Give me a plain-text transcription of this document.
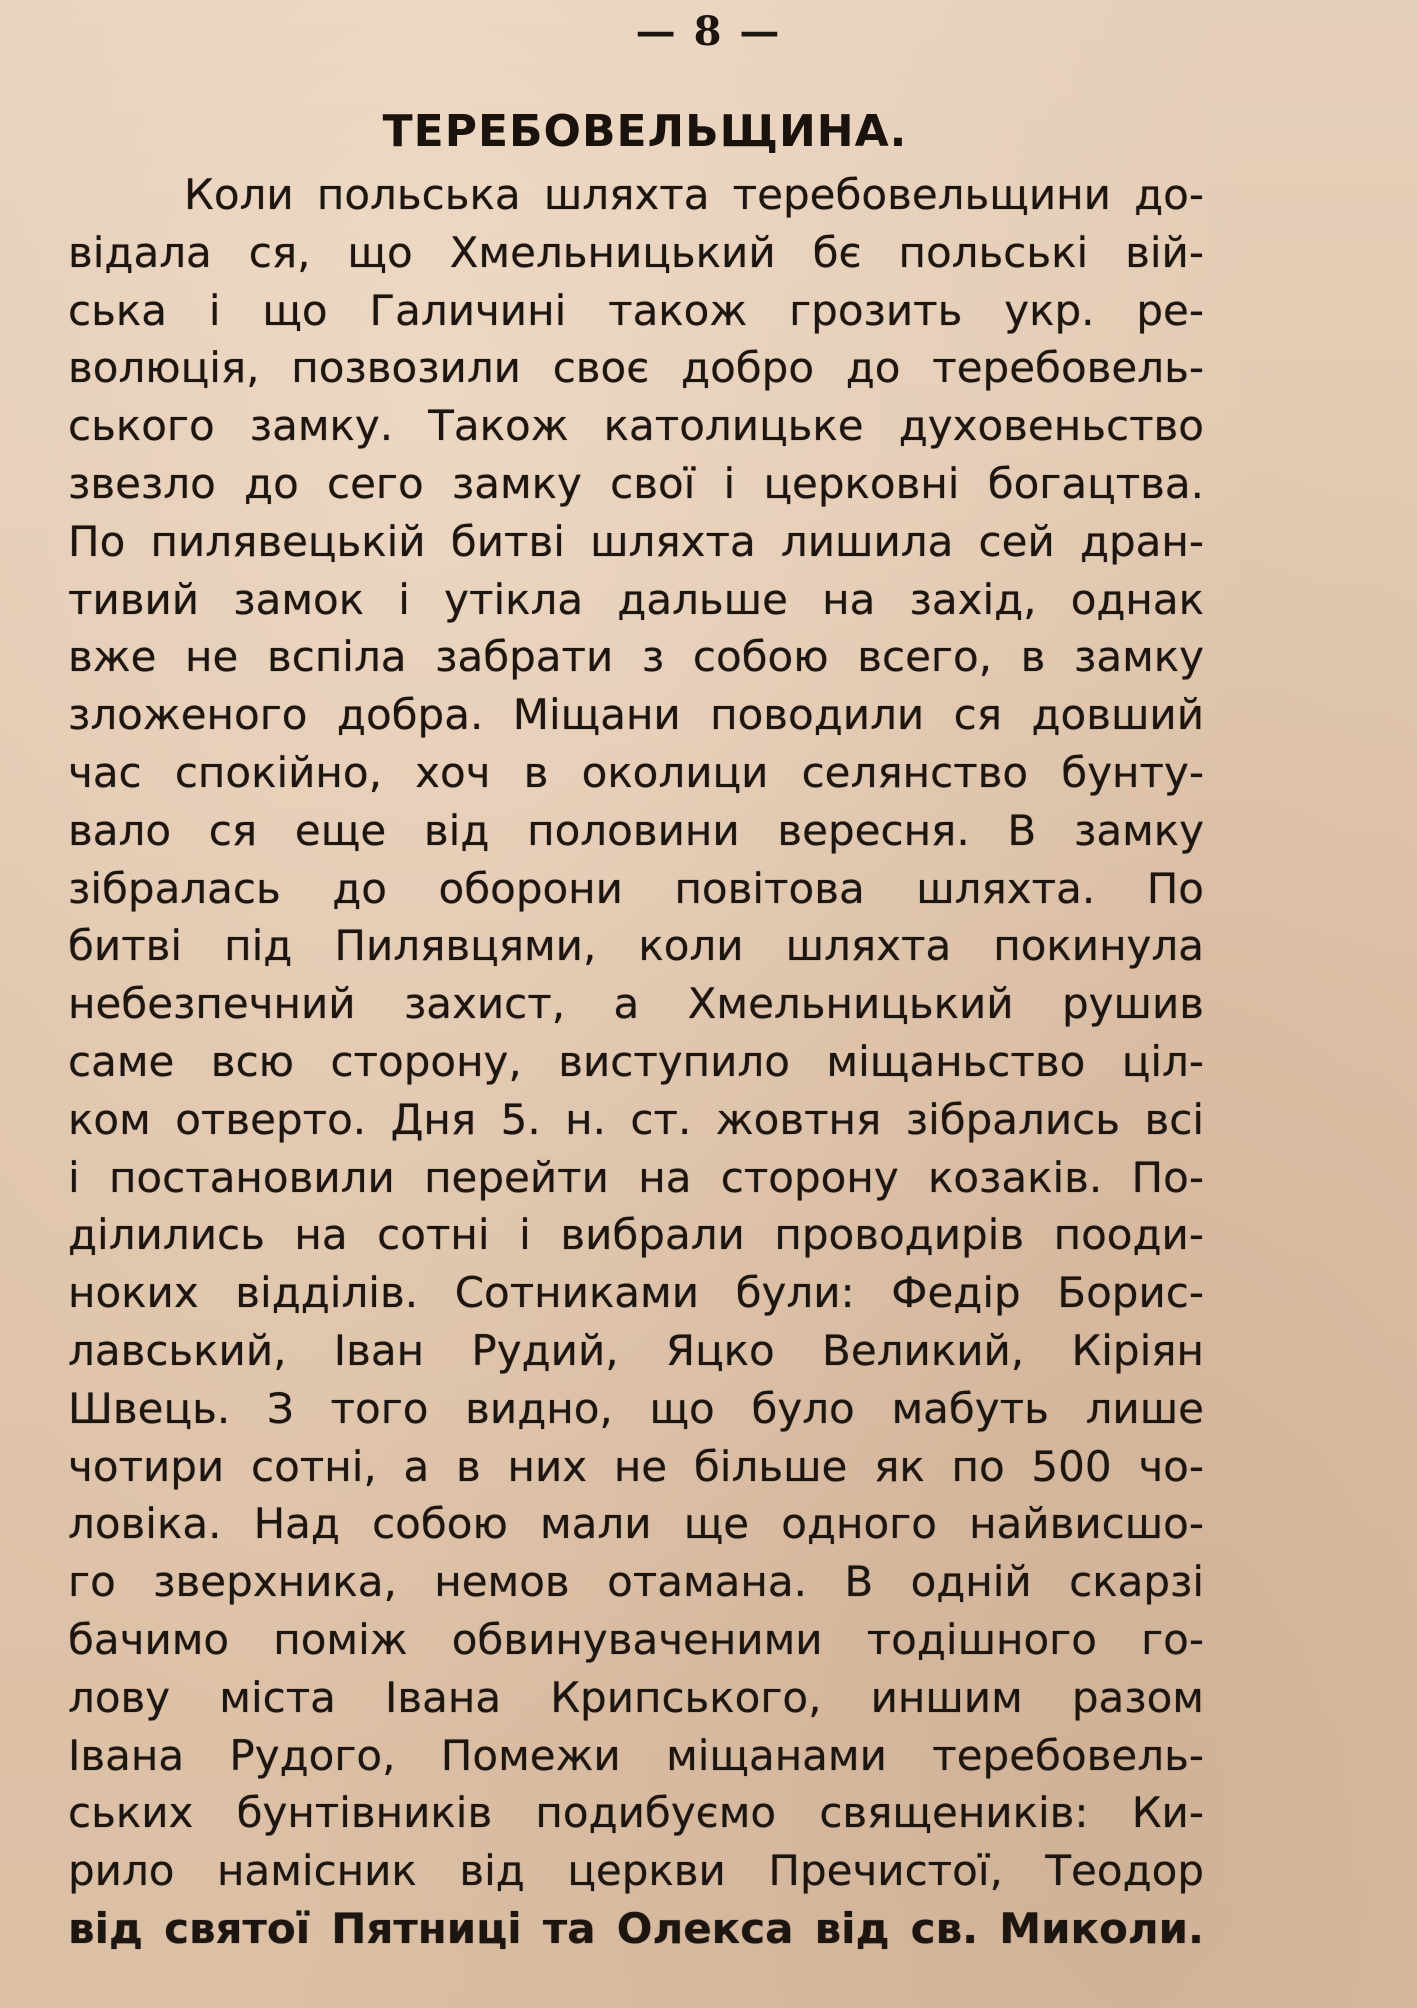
— 8 —
ТЕРЕБОВЕЛЬЩИНА.
Коли польська шляхта теребовельщини до-
відала ся, що Хмельницький бє польські вій-
ська і що Галичині також грозить укр. ре-
волюція, позвозили своє добро до теребовель-
ського замку. Також католицьке духовеньство
звезло до сего замку свої і церковні богацтва.
По пилявецькій битві шляхта лишила сей дран-
тивий замок і утікла дальше на захід, однак
вже не вспіла забрати з собою всего, в замку
зложеного добра. Міщани поводили ся довший
час спокійно, хоч в околици селянство бунту-
вало ся еще від половини вересня. В замку
зібралась до оборони повітова шляхта. По
битві під Пилявцями, коли шляхта покинула
небезпечний захист, а Хмельницький рушив
саме всю сторону, виступило міщаньство цiл-
ком отверто. Дня 5. н. ст. жовтня зібрались всі
і постановили перейти на сторону козаків. По-
ділились на сотні і вибрали проводирів пооди-
ноких відділів. Сотниками були: Федір Борис-
лавський, Іван Рудий, Яцко Великий, Кіріян
Швець. З того видно, що було мабуть лише
чотири сотні, а в них не більше як по 500 чо-
ловіка. Над собою мали ще одного найвисшо-
го зверхника, немов отамана. В одній скарзі
бачимо поміж обвинуваченими тодішного го-
лову міста Івана Крипського, иншим разом
Івана Рудого, Помежи міщанами теребовель-
ських бунтівників подибуємо священиків: Ки-
рило намісник від церкви Пречистої, Теодор
від святої Пятниці та Олекса від св. Миколи.
